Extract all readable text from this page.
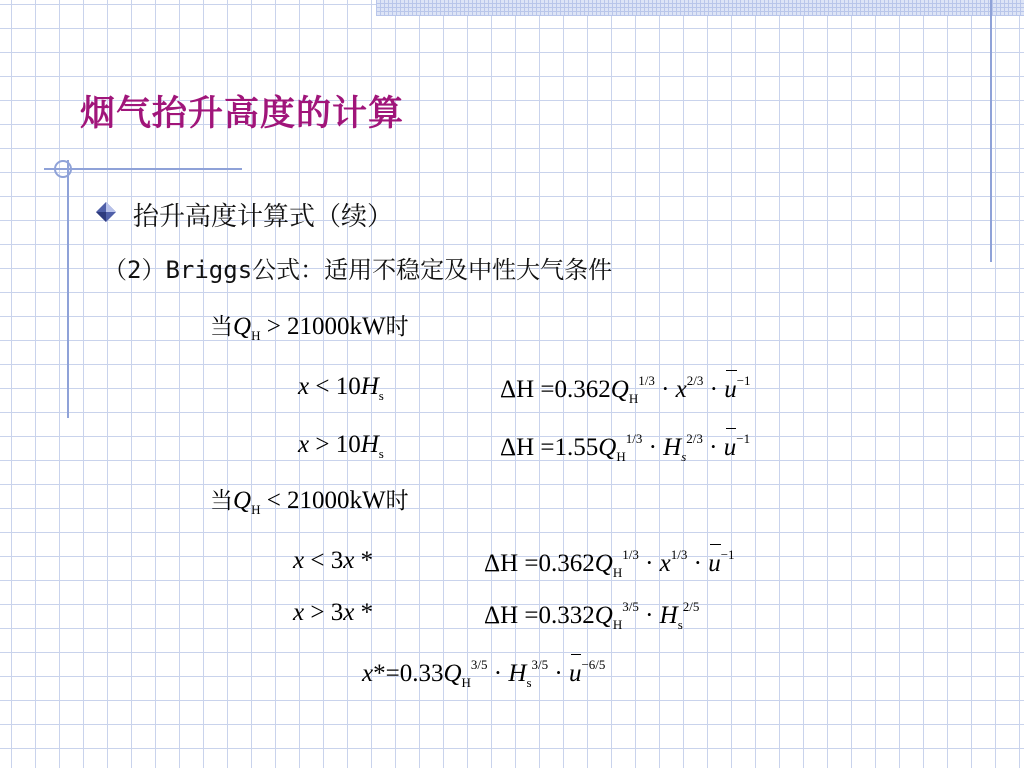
烟气抬升高度的计算
抬升高度计算式（续）
（2）Briggs公式：适用不稳定及中性大气条件
当$Q_H > 21000kW$时
$x < 10H_s$	$\Delta H =0.362Q_H^{1/3} \cdot x^{2/3} \cdot u^{-1}$
$x > 10H_s$	$\Delta H =1.55Q_H^{1/3} \cdot H_s^{2/3} \cdot u^{-1}$
当$Q_H < 21000kW$时
x < 3x *	$\Delta H =0.362Q_H^{1/3} \cdot x^{1/3} \cdot u^{-1}$
x > 3x *	$\Delta H =0.332Q_H^{3/5} \cdot H_s^{2/5}$
$x*=0.33Q_H^{3/5} \cdot H_s^{3/5} \cdot u^{-6/5}$
